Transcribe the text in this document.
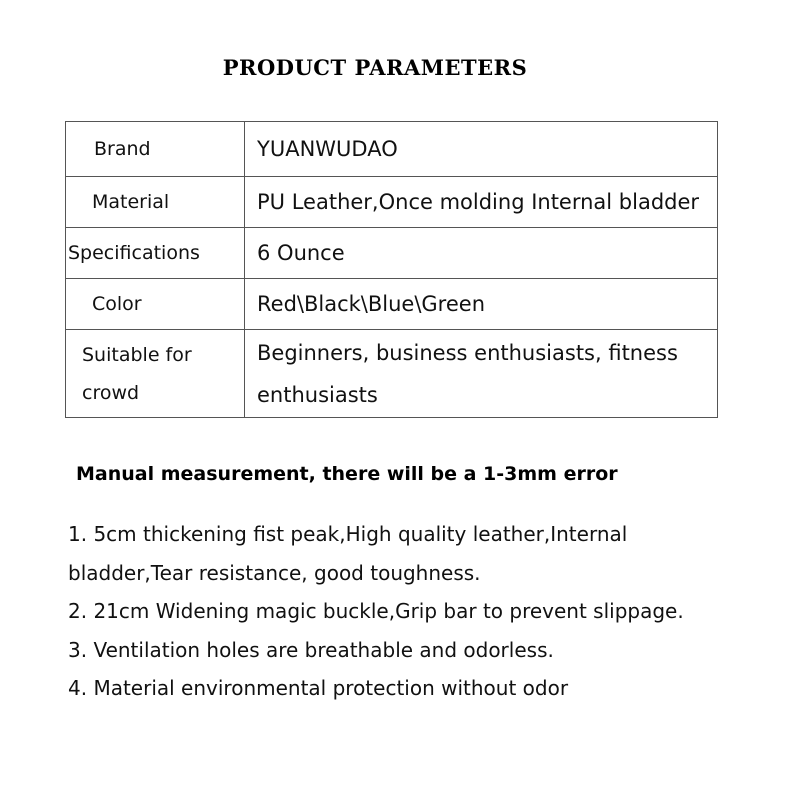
PRODUCT PARAMETERS
Brand	YUANWUDAO
Material	PU Leather,Once molding Internal bladder
Specifications	6 Ounce
Color	Red\Black\Blue\Green
Suitable for crowd	Beginners, business enthusiasts, fitness enthusiasts
Manual measurement, there will be a 1-3mm error

1. 5cm thickening fist peak,High quality leather,Internal bladder,Tear resistance, good toughness.

2. 21cm Widening magic buckle,Grip bar to prevent slippage.

3. Ventilation holes are breathable and odorless.

4. Material environmental protection without odor
